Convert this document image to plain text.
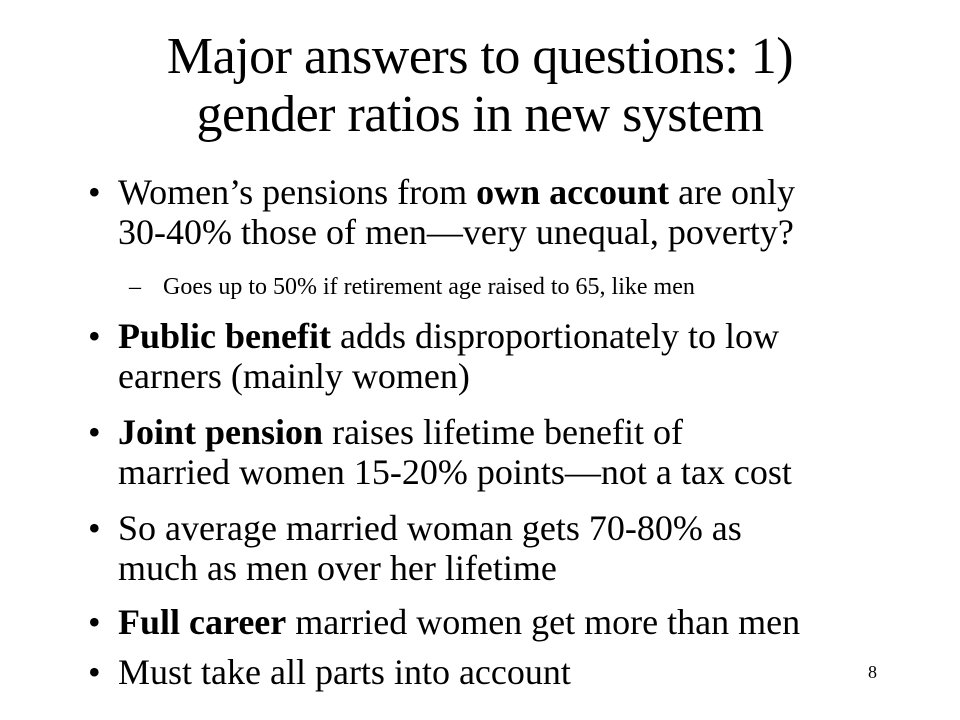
Major answers to questions: 1)
gender ratios in new system
• Women’s pensions from own account are only
30-40% those of men—very unequal, poverty?
– Goes up to 50% if retirement age raised to 65, like men
• Public benefit adds disproportionately to low
earners (mainly women)
• Joint pension raises lifetime benefit of
married women 15-20% points—not a tax cost
• So average married woman gets 70-80% as
much as men over her lifetime
• Full career married women get more than men
• Must take all parts into account	8
